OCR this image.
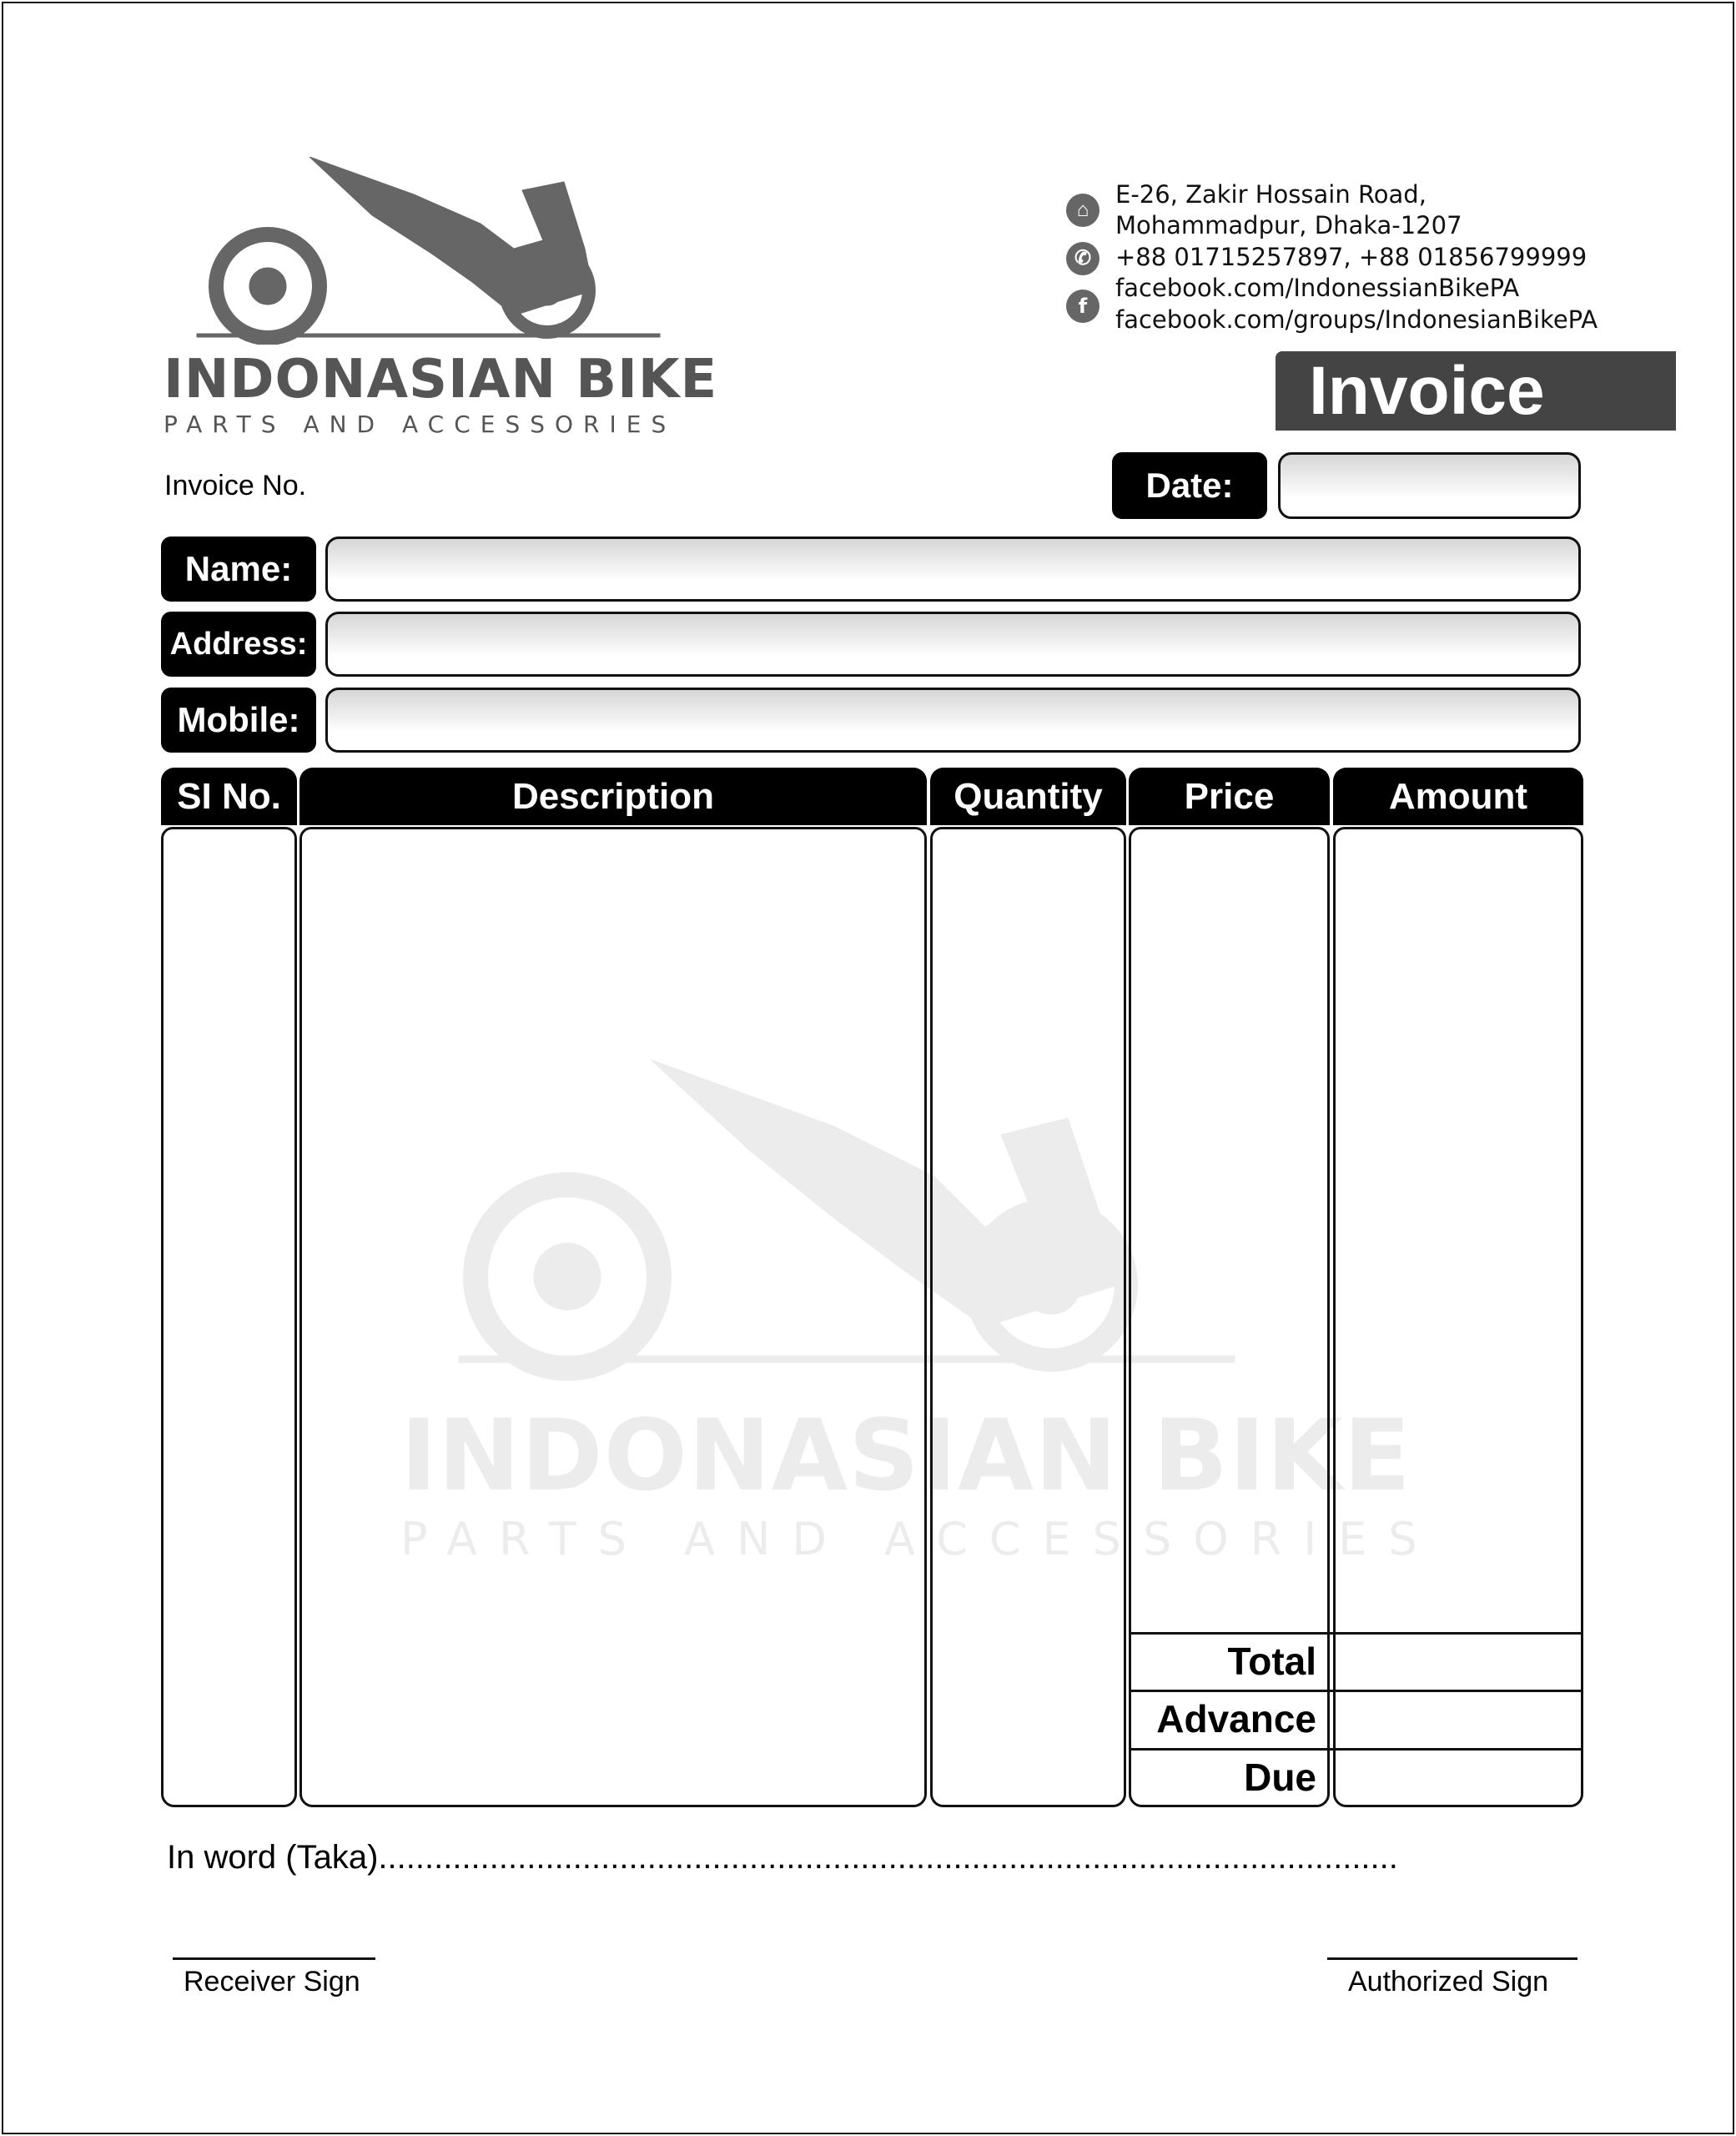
INDONASIAN BIKE
PARTS AND ACCESSORIES
INDONASIAN BIKE
PARTS AND ACCESSORIES
⌂
E-26, Zakir Hossain Road,
Mohammadpur, Dhaka-1207
✆ +88 01715257897, +88 01856799999
f
facebook.com/IndonessianBikePA
facebook.com/groups/IndonesianBikePA
Invoice
Invoice No.	Date:
Name:
Address:
Mobile:
SI No.	Description	Quantity	Price	Amount
Total
Advance
Due
In word (Taka)..............................................................................................................
Receiver Sign	Authorized Sign
